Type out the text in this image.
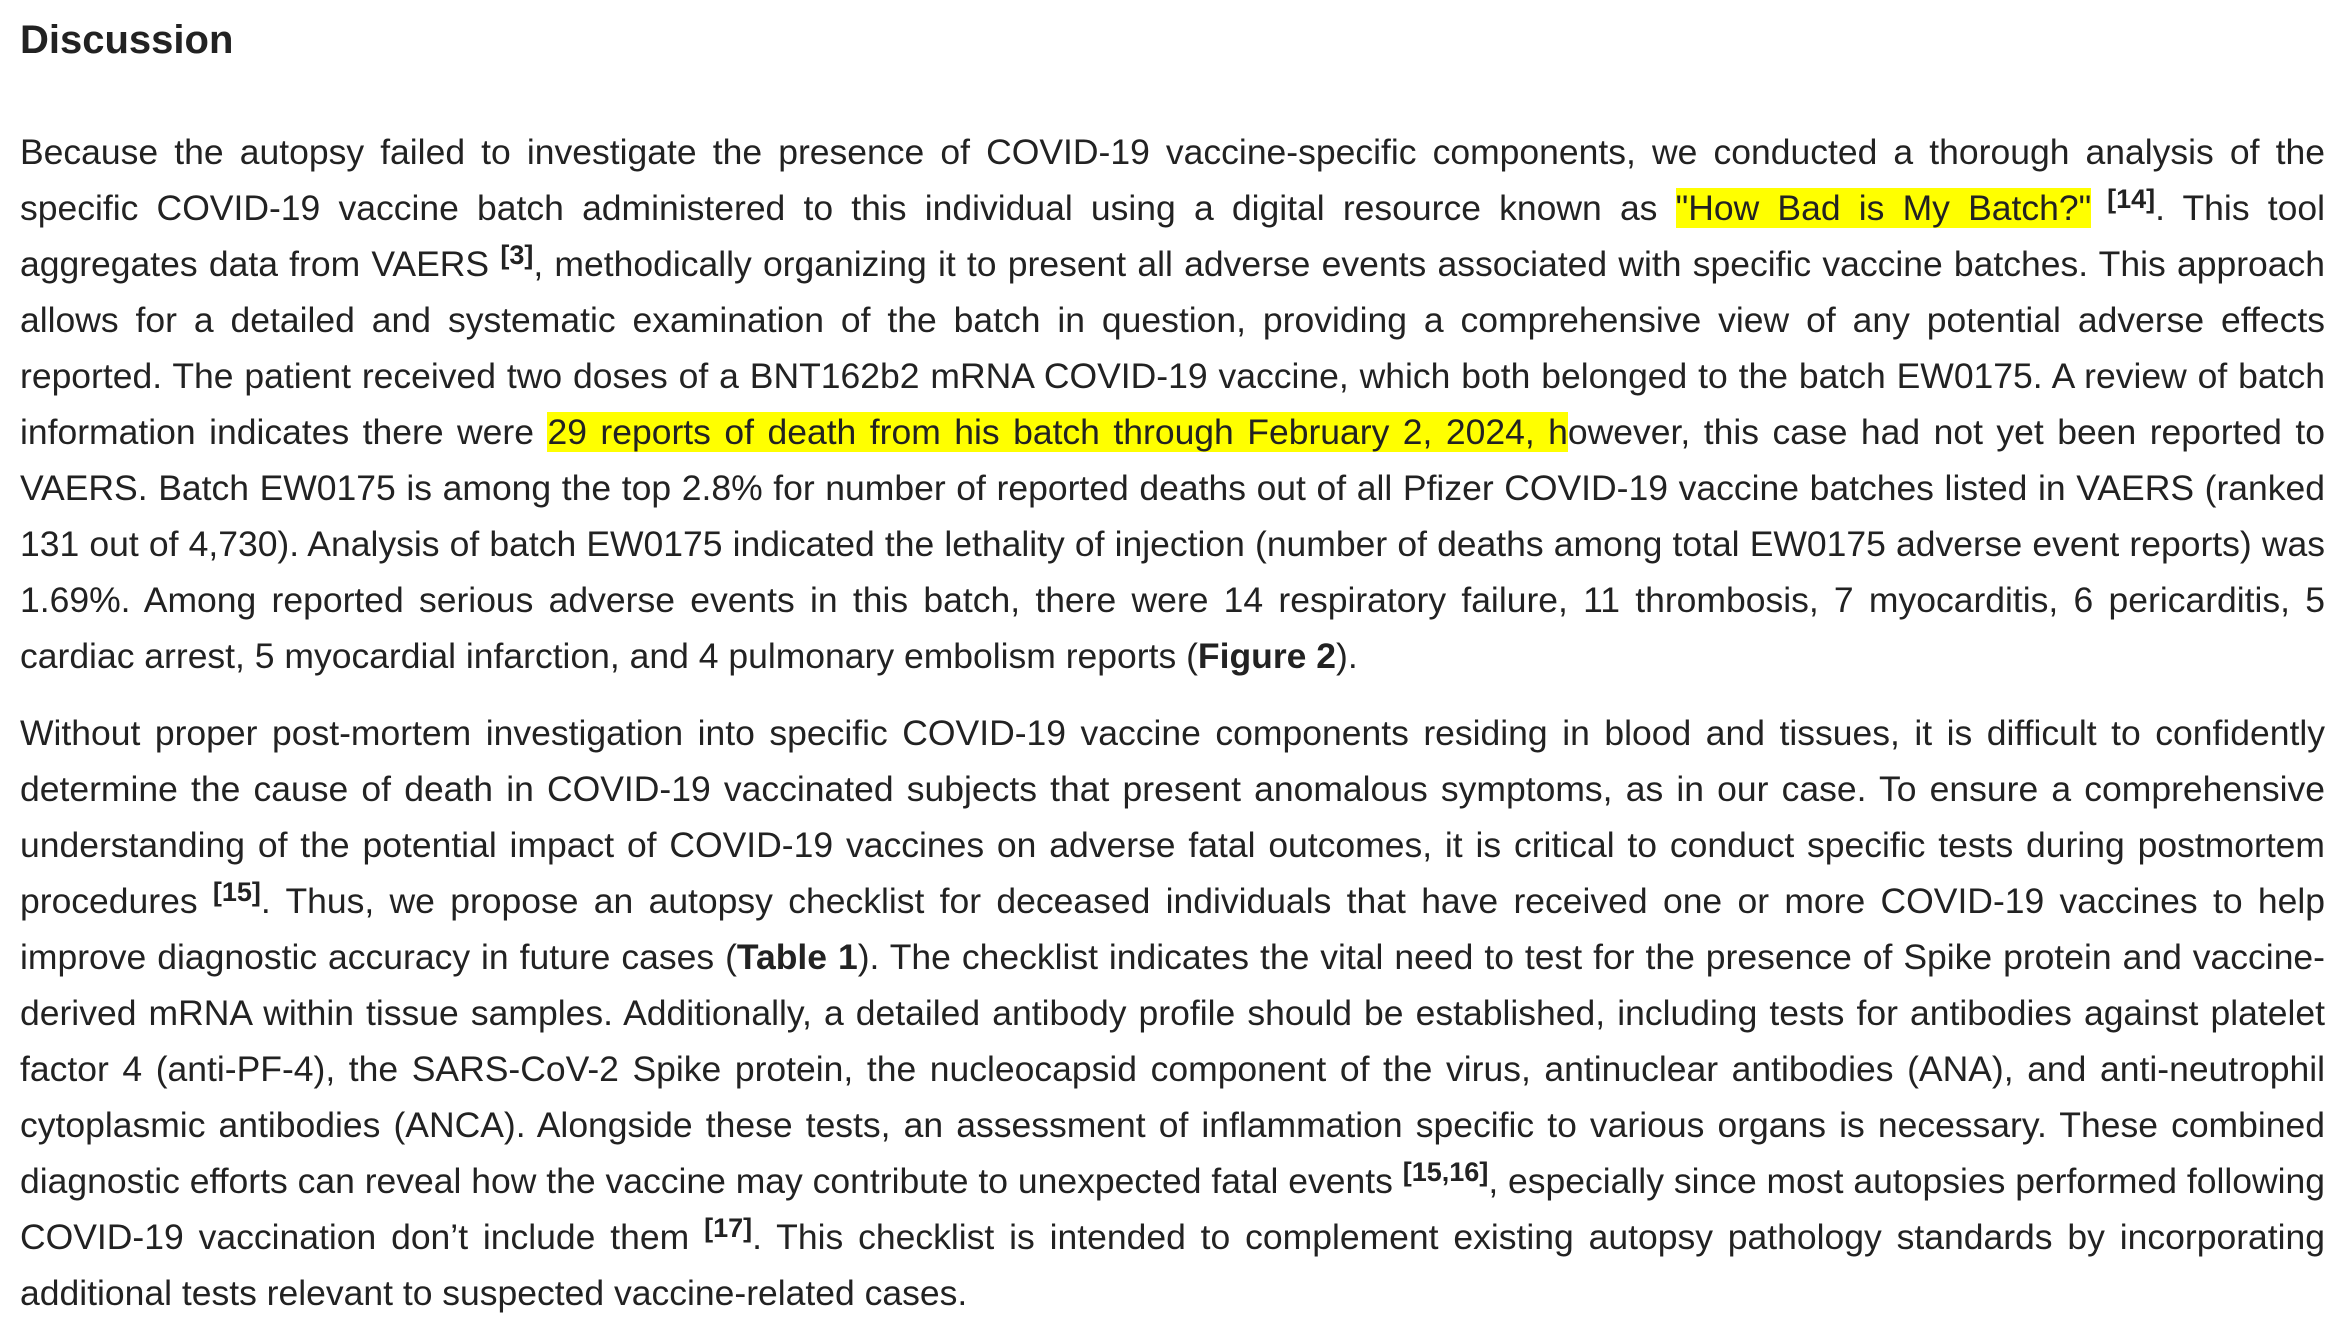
Discussion

Because the autopsy failed to investigate the presence of COVID-19 vaccine-specific components, we conducted a thorough analysis of the specific COVID-19 vaccine batch administered to this individual using a digital resource known as "How Bad is My Batch?" [14]. This tool aggregates data from VAERS [3], methodically organizing it to present all adverse events associated with specific vaccine batches. This approach allows for a detailed and systematic examination of the batch in question, providing a comprehensive view of any potential adverse effects reported. The patient received two doses of a BNT162b2 mRNA COVID-19 vaccine, which both belonged to the batch EW0175. A review of batch information indicates there were 29 reports of death from his batch through February 2, 2024, however, this case had not yet been reported to VAERS. Batch EW0175 is among the top 2.8% for number of reported deaths out of all Pfizer COVID-19 vaccine batches listed in VAERS (ranked 131 out of 4,730). Analysis of batch EW0175 indicated the lethality of injection (number of deaths among total EW0175 adverse event reports) was 1.69%. Among reported serious adverse events in this batch, there were 14 respiratory failure, 11 thrombosis, 7 myocarditis, 6 pericarditis, 5 cardiac arrest, 5 myocardial infarction, and 4 pulmonary embolism reports (Figure 2).

Without proper post-mortem investigation into specific COVID-19 vaccine components residing in blood and tissues, it is difficult to confidently determine the cause of death in COVID-19 vaccinated subjects that present anomalous symptoms, as in our case. To ensure a comprehensive understanding of the potential impact of COVID-19 vaccines on adverse fatal outcomes, it is critical to conduct specific tests during postmortem procedures [15]. Thus, we propose an autopsy checklist for deceased individuals that have received one or more COVID-19 vaccines to help improve diagnostic accuracy in future cases (Table 1). The checklist indicates the vital need to test for the presence of Spike protein and vaccine-derived mRNA within tissue samples. Additionally, a detailed antibody profile should be established, including tests for antibodies against platelet factor 4 (anti-PF-4), the SARS-CoV-2 Spike protein, the nucleocapsid component of the virus, antinuclear antibodies (ANA), and anti-neutrophil cytoplasmic antibodies (ANCA). Alongside these tests, an assessment of inflammation specific to various organs is necessary. These combined diagnostic efforts can reveal how the vaccine may contribute to unexpected fatal events [15,16], especially since most autopsies performed following COVID-19 vaccination don’t include them [17]. This checklist is intended to complement existing autopsy pathology standards by incorporating additional tests relevant to suspected vaccine-related cases.
